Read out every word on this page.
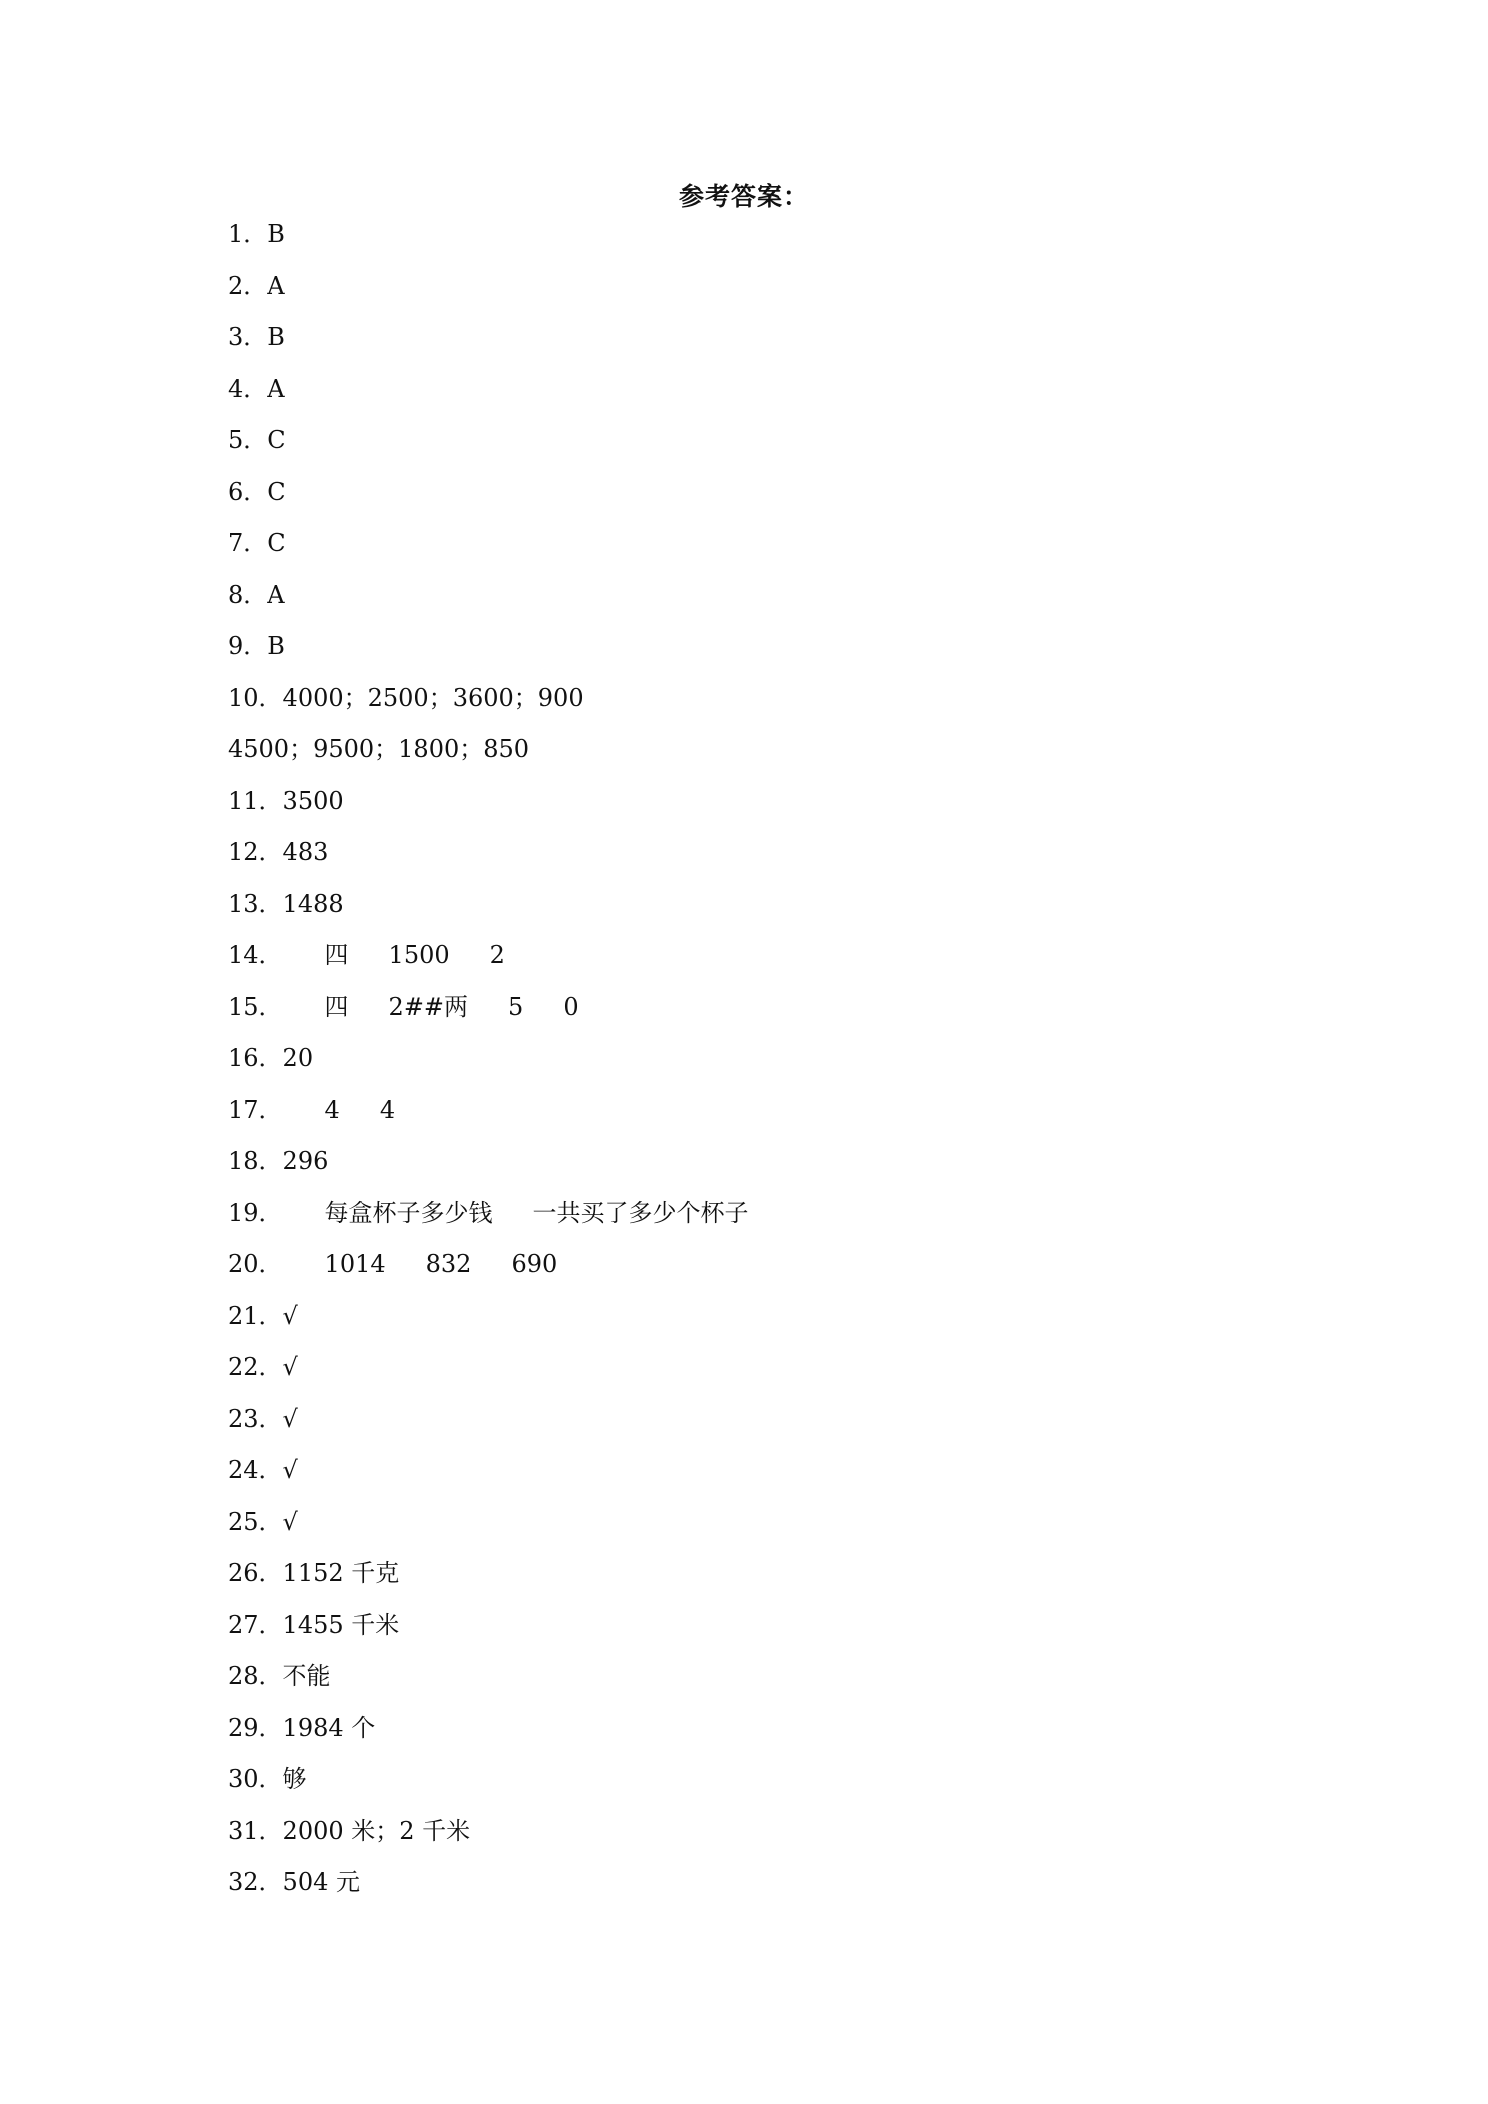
参考答案：
1．B
2．A
3．B
4．A
5．C
6．C
7．C
8．A
9．B
10．4000；2500；3600；900
4500；9500；1800；850
11．3500
12．483
13．1488
14． 四 1500 2
15． 四 2##两 5 0
16．20
17． 4 4
18．296
19． 每盒杯子多少钱 一共买了多少个杯子
20． 1014 832 690
21．√
22．√
23．√
24．√
25．√
26．1152 千克
27．1455 千米
28．不能
29．1984 个
30．够
31．2000 米；2 千米
32．504 元
